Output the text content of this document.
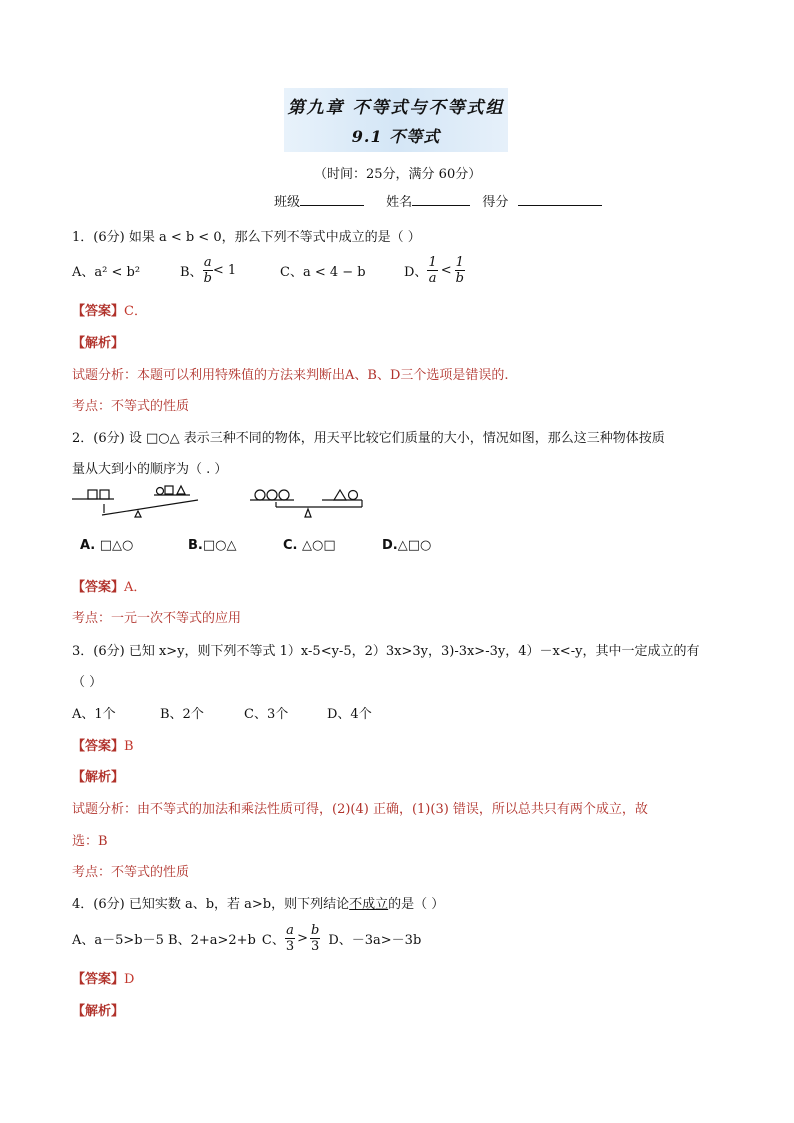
第九章 不等式与不等式组
9.1 不等式
（时间：25分，满分 60分）
班级	姓名	得分
1．(6分) 如果 a < b < 0，那么下列不等式中成立的是（ ）
A、a² < b²	B、 $\frac{a}{b} < 1$	C、a < 4 − b	D、 $\frac{1}{a} < \frac{1}{b}$
【答案】C．
【解析】
试题分析：本题可以利用特殊值的方法来判断出A、B、D三个选项是错误的.
考点：不等式的性质
2．(6分) 设 □○△ 表示三种不同的物体，用天平比较它们质量的大小，情况如图，那么这三种物体按质
量从大到小的顺序为（ . ）
A. □△○	B.□○△	C. △○□	D.△□○
【答案】A．
考点：一元一次不等式的应用
3．(6分) 已知 x>y，则下列不等式 1）x-5<y-5，2）3x>3y，3)-3x>-3y，4）－x<-y，其中一定成立的有
（ ）
A、1个	B、2个	C、3个	D、4个
【答案】B
【解析】
试题分析：由不等式的加法和乘法性质可得，(2)(4) 正确，(1)(3) 错误，所以总共只有两个成立，故
选：B
考点：不等式的性质
4．(6分) 已知实数 a、b，若 a>b，则下列结论不成立的是（ ）
A、a－5>b－5 B、2+a>2+b C、 $\frac{a}{3} > \frac{b}{3}$ D、－3a>－3b
【答案】D
【解析】
